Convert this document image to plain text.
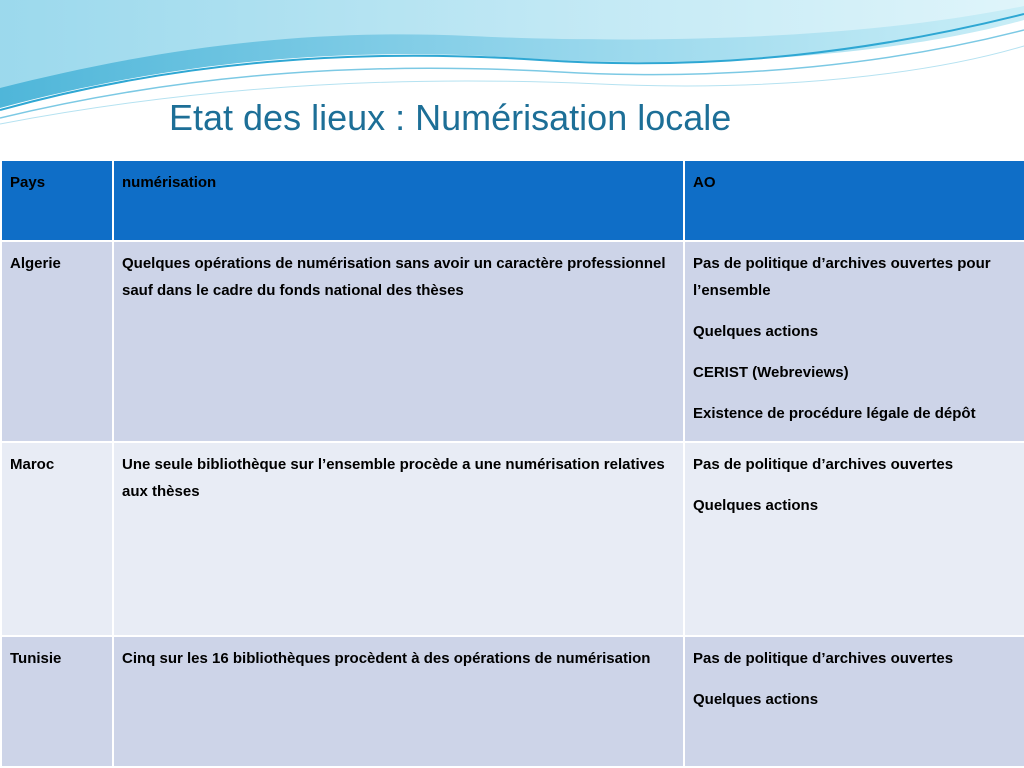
Etat des lieux : Numérisation locale
Pays	numérisation	AO
Algerie	Quelques opérations de numérisation sans avoir un caractère professionnel sauf dans le cadre du fonds national des thèses	Pas de politique d’archives ouvertes pour l’ensemble

Quelques actions

CERIST (Webreviews)

Existence de procédure légale de dépôt

Maroc	Une seule bibliothèque sur l’ensemble procède a une numérisation relatives aux thèses	Pas de politique d’archives ouvertes

Quelques actions

Tunisie	Cinq sur les 16 bibliothèques procèdent à des opérations de numérisation	Pas de politique d’archives ouvertes

Quelques actions
